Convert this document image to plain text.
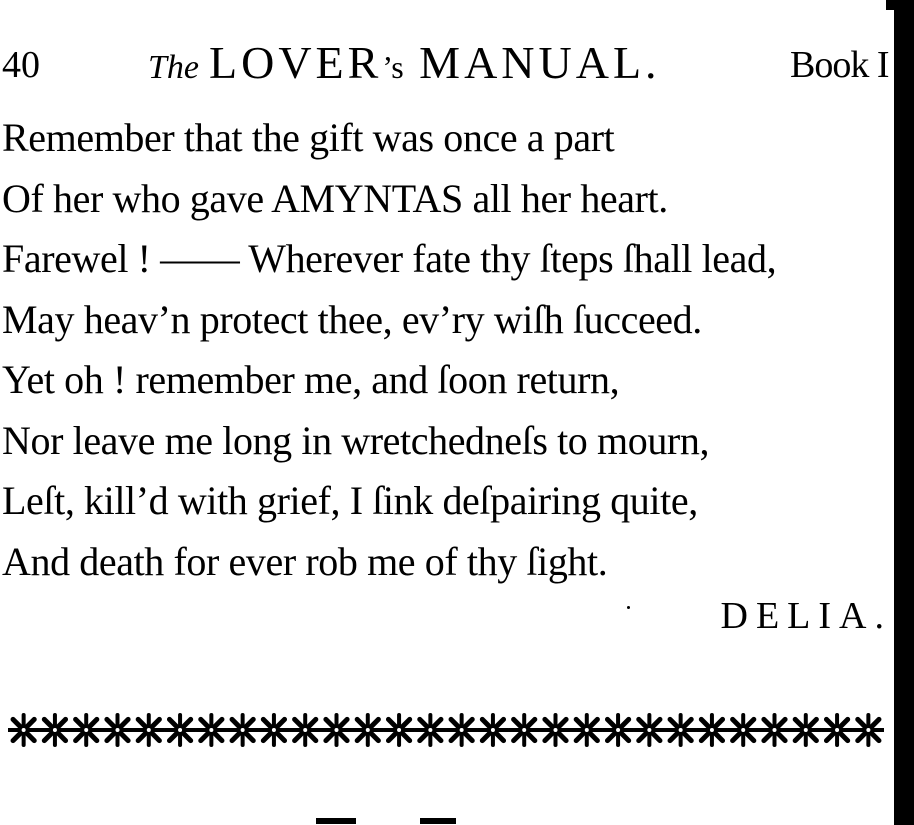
40	The LOVER’s MANUAL.	Book I
Remember that the gift was once a part
Of her who gave AMYNTAS all her heart.
Farewel ! —— Wherever fate thy ſteps ſhall lead,
May heav’n protect thee, ev’ry wiſh ſucceed.
Yet oh ! remember me, and ſoon return,
Nor leave me long in wretchedneſs to mourn,
Leſt, kill’d with grief, I ſink deſpairing quite,
And death for ever rob me of thy ſight.
DELIA.
